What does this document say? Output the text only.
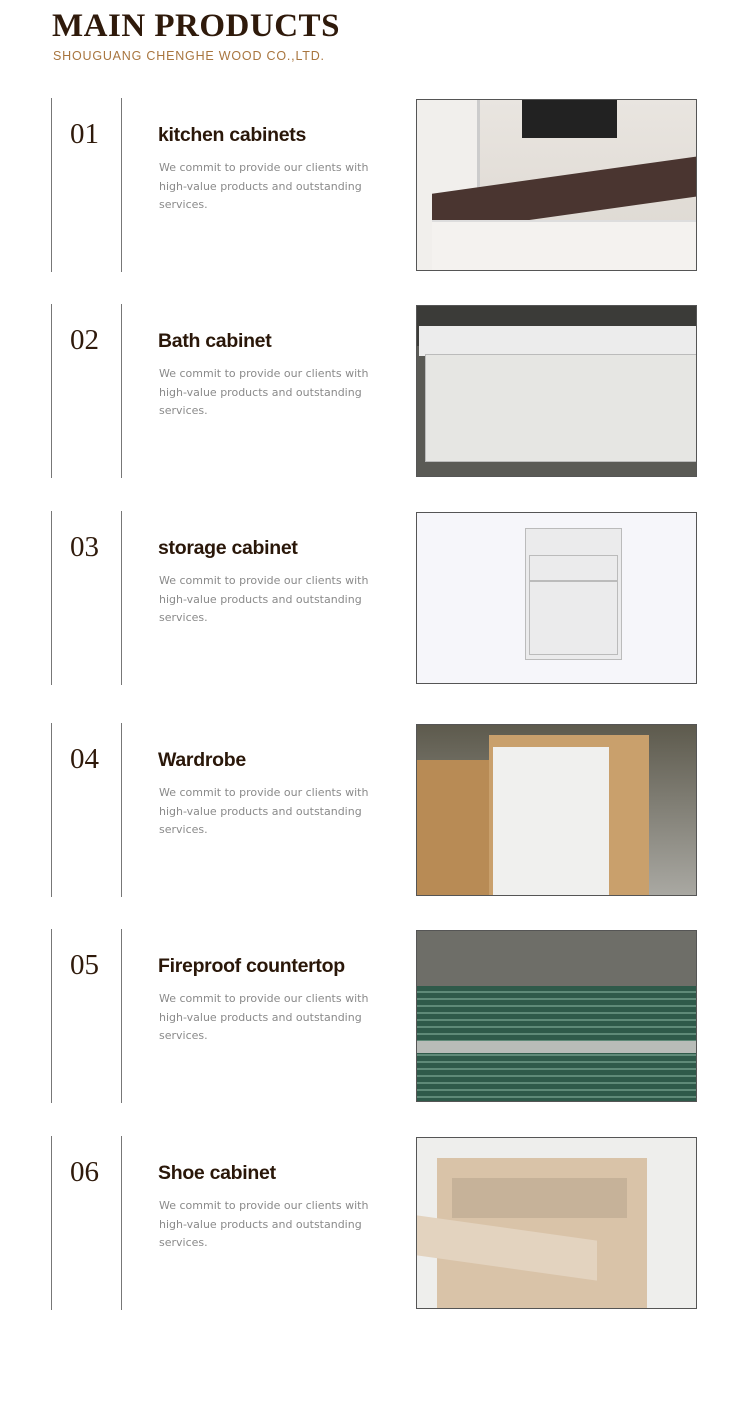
MAIN PRODUCTS
SHOUGUANG CHENGHE WOOD CO.,LTD.
01	kitchen cabinets
We commit to provide our clients with high-value products and outstanding services.
02	Bath cabinet
We commit to provide our clients with high-value products and outstanding services.
03	storage cabinet
We commit to provide our clients with high-value products and outstanding services.
04	Wardrobe
We commit to provide our clients with high-value products and outstanding services.
05	Fireproof countertop
We commit to provide our clients with high-value products and outstanding services.
06	Shoe cabinet
We commit to provide our clients with high-value products and outstanding services.
